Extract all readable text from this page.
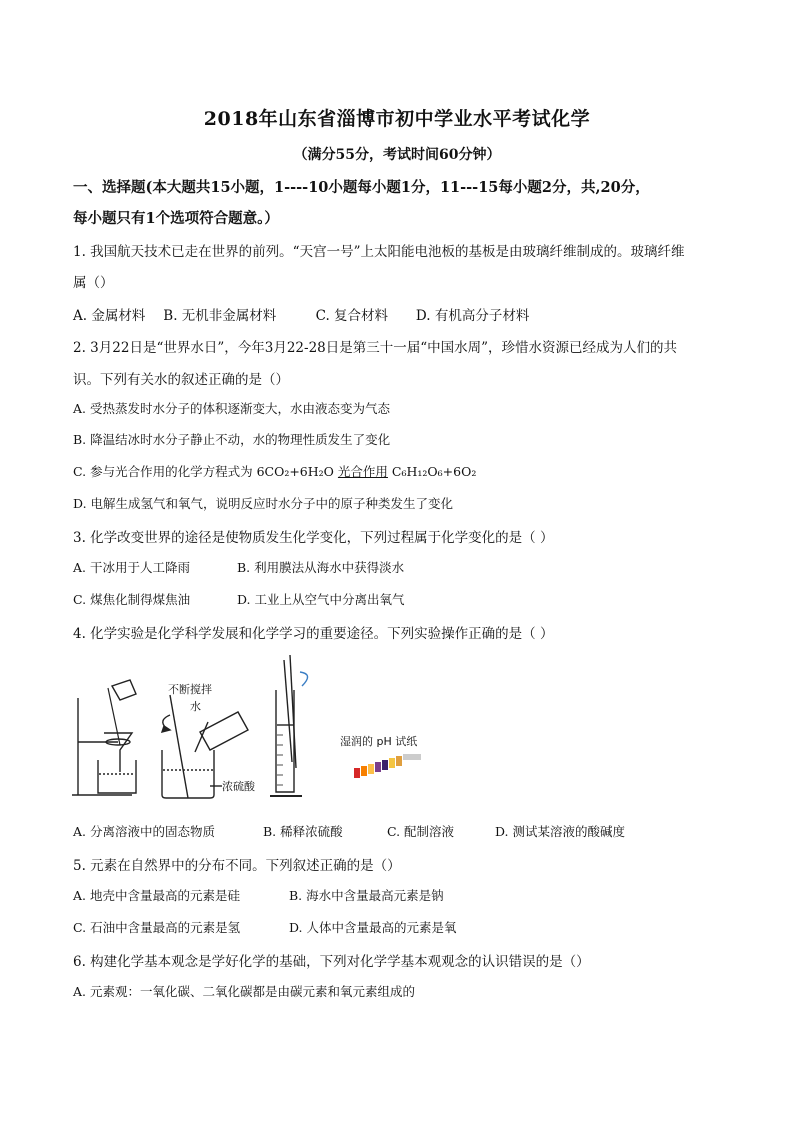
2018年山东省淄博市初中学业水平考试化学
（满分55分，考试时间60分钟）
一、选择题(本大题共15小题，1----10小题每小题1分，11---15每小题2分，共,20分，
每小题只有1个选项符合题意。）
1. 我国航天技术已走在世界的前列。“天宫一号”上太阳能电池板的基板是由玻璃纤维制成的。玻璃纤维
属（）
A. 金属材料 B. 无机非金属材料	C. 复合材料 D. 有机高分子材料
2. 3月22日是“世界水日”，今年3月22-28日是第三十一届“中国水周”，珍惜水资源已经成为人们的共
识。下列有关水的叙述正确的是（）
A. 受热蒸发时水分子的体积逐渐变大，水由液态变为气态
B. 降温结冰时水分子静止不动，水的物理性质发生了变化
C. 参与光合作用的化学方程式为 6CO₂+6H₂O 光合作用 C₆H₁₂O₆+6O₂
D. 电解生成氢气和氧气，说明反应时水分子中的原子种类发生了变化
3. 化学改变世界的途径是使物质发生化学变化，下列过程属于化学变化的是（ ）
A. 干冰用于人工降雨	B. 利用膜法从海水中获得淡水
C. 煤焦化制得煤焦油	D. 工业上从空气中分离出氧气
4. 化学实验是化学科学发展和化学学习的重要途径。下列实验操作正确的是（ ）
不断搅拌
水
浓硫酸
湿润的 pH 试纸
A. 分离溶液中的固态物质	B. 稀释浓硫酸	C. 配制溶液	D. 测试某溶液的酸碱度
5. 元素在自然界中的分布不同。下列叙述正确的是（）
A. 地壳中含量最高的元素是硅	B. 海水中含量最高元素是钠
C. 石油中含量最高的元素是氢	D. 人体中含量最高的元素是氧
6. 构建化学基本观念是学好化学的基础，下列对化学学基本观观念的认识错误的是（）
A. 元素观：一氧化碳、二氧化碳都是由碳元素和氧元素组成的
